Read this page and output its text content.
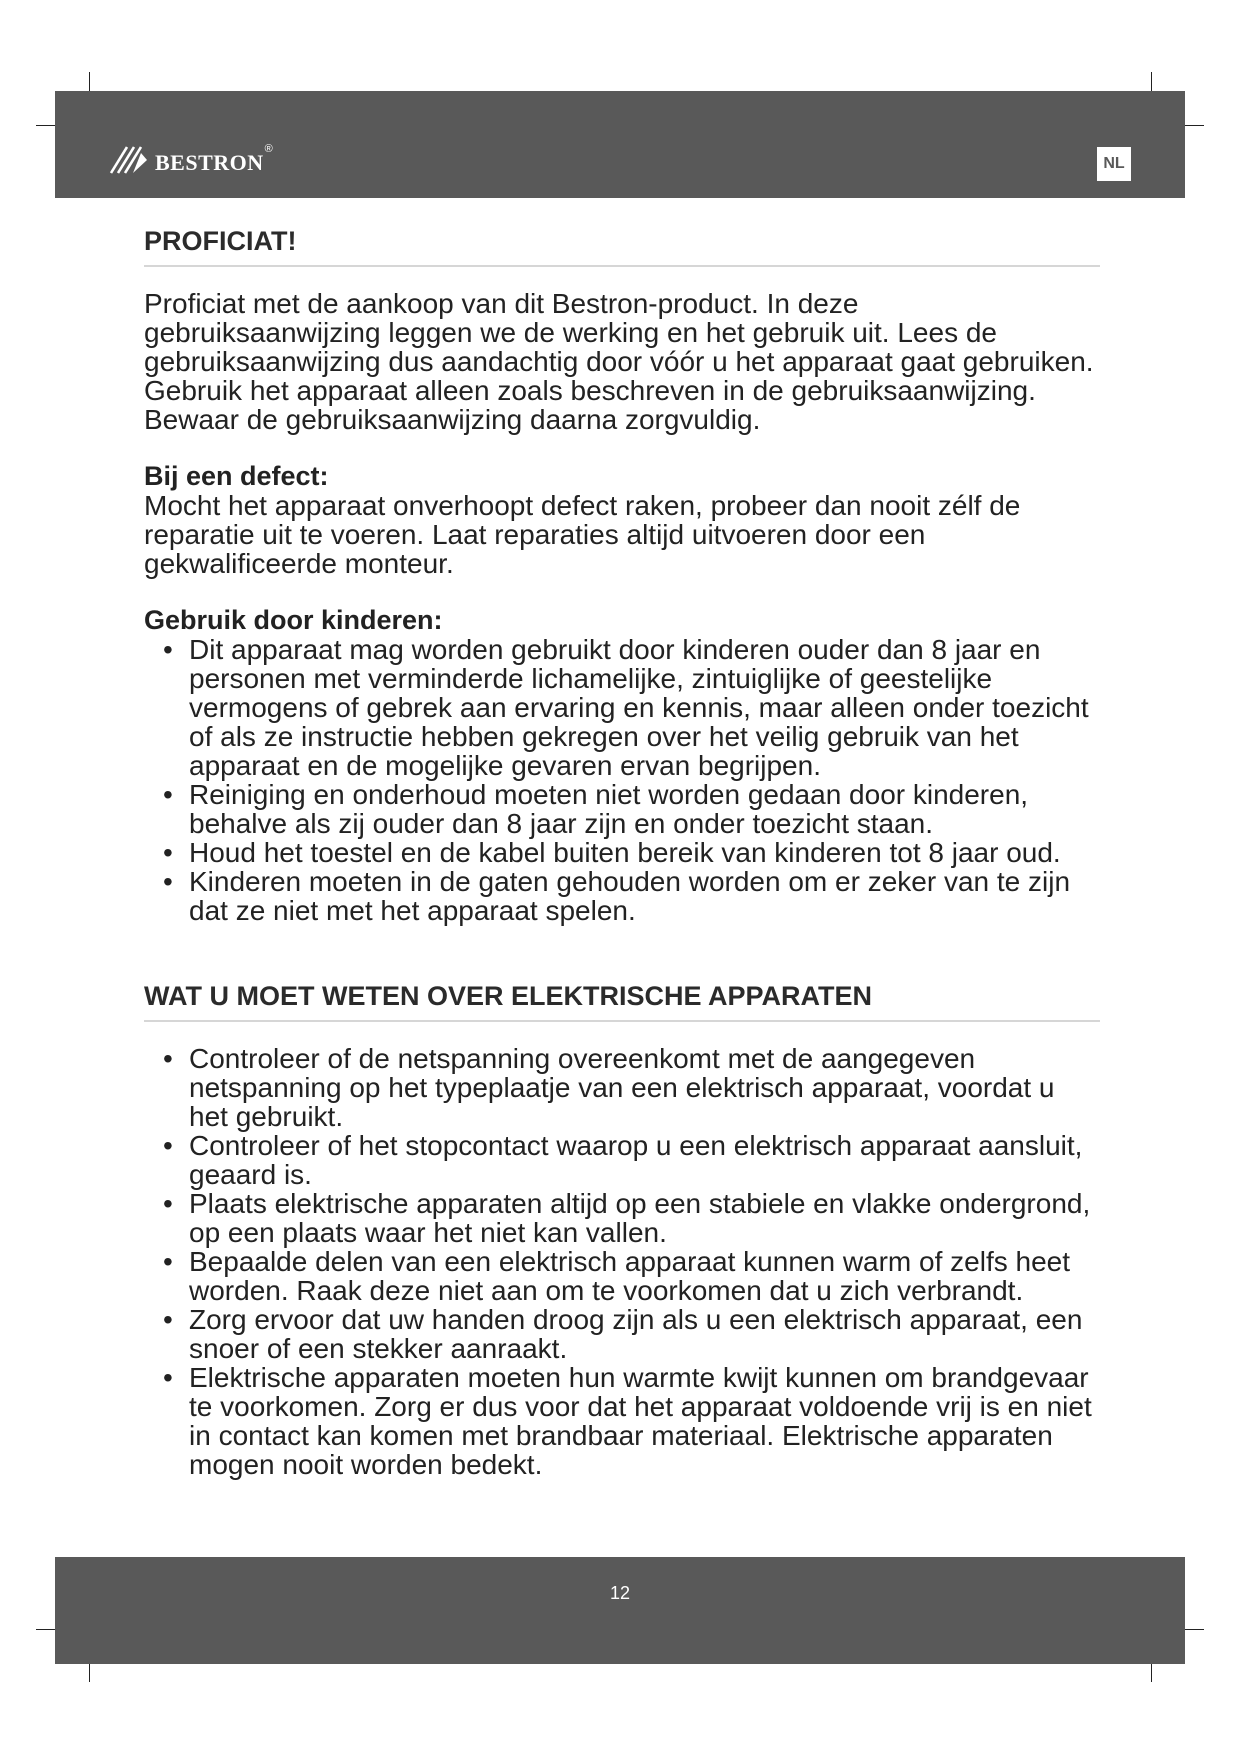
bestron ®
NL
PROFICIAT!

Proficiat met de aankoop van dit Bestron-product. In deze gebruiksaanwijzing leggen we de werking en het gebruik uit. Lees de gebruiksaanwijzing dus aandachtig door vóór u het apparaat gaat gebruiken. Gebruik het apparaat alleen zoals beschreven in de gebruiksaanwijzing. Bewaar de gebruiksaanwijzing daarna zorgvuldig.

Bij een defect:

Mocht het apparaat onverhoopt defect raken, probeer dan nooit zélf de reparatie uit te voeren. Laat reparaties altijd uitvoeren door een gekwalificeerde monteur.

Gebruik door kinderen:

• Dit apparaat mag worden gebruikt door kinderen ouder dan 8 jaar en personen met verminderde lichamelijke, zintuiglijke of geestelijke vermogens of gebrek aan ervaring en kennis, maar alleen onder toezicht of als ze instructie hebben gekregen over het veilig gebruik van het apparaat en de mogelijke gevaren ervan begrijpen.
• Reiniging en onderhoud moeten niet worden gedaan door kinderen, behalve als zij ouder dan 8 jaar zijn en onder toezicht staan.
• Houd het toestel en de kabel buiten bereik van kinderen tot 8 jaar oud.
• Kinderen moeten in de gaten gehouden worden om er zeker van te zijn dat ze niet met het apparaat spelen.
WAT U MOET WETEN OVER ELEKTRISCHE APPARATEN
• Controleer of de netspanning overeenkomt met de aangegeven netspanning op het typeplaatje van een elektrisch apparaat, voordat u het gebruikt.
• Controleer of het stopcontact waarop u een elektrisch apparaat aansluit, geaard is.
• Plaats elektrische apparaten altijd op een stabiele en vlakke ondergrond, op een plaats waar het niet kan vallen.
• Bepaalde delen van een elektrisch apparaat kunnen warm of zelfs heet worden. Raak deze niet aan om te voorkomen dat u zich verbrandt.
• Zorg ervoor dat uw handen droog zijn als u een elektrisch apparaat, een snoer of een stekker aanraakt.
• Elektrische apparaten moeten hun warmte kwijt kunnen om brandgevaar te voorkomen. Zorg er dus voor dat het apparaat voldoende vrij is en niet in contact kan komen met brandbaar materiaal. Elektrische apparaten mogen nooit worden bedekt.
12
